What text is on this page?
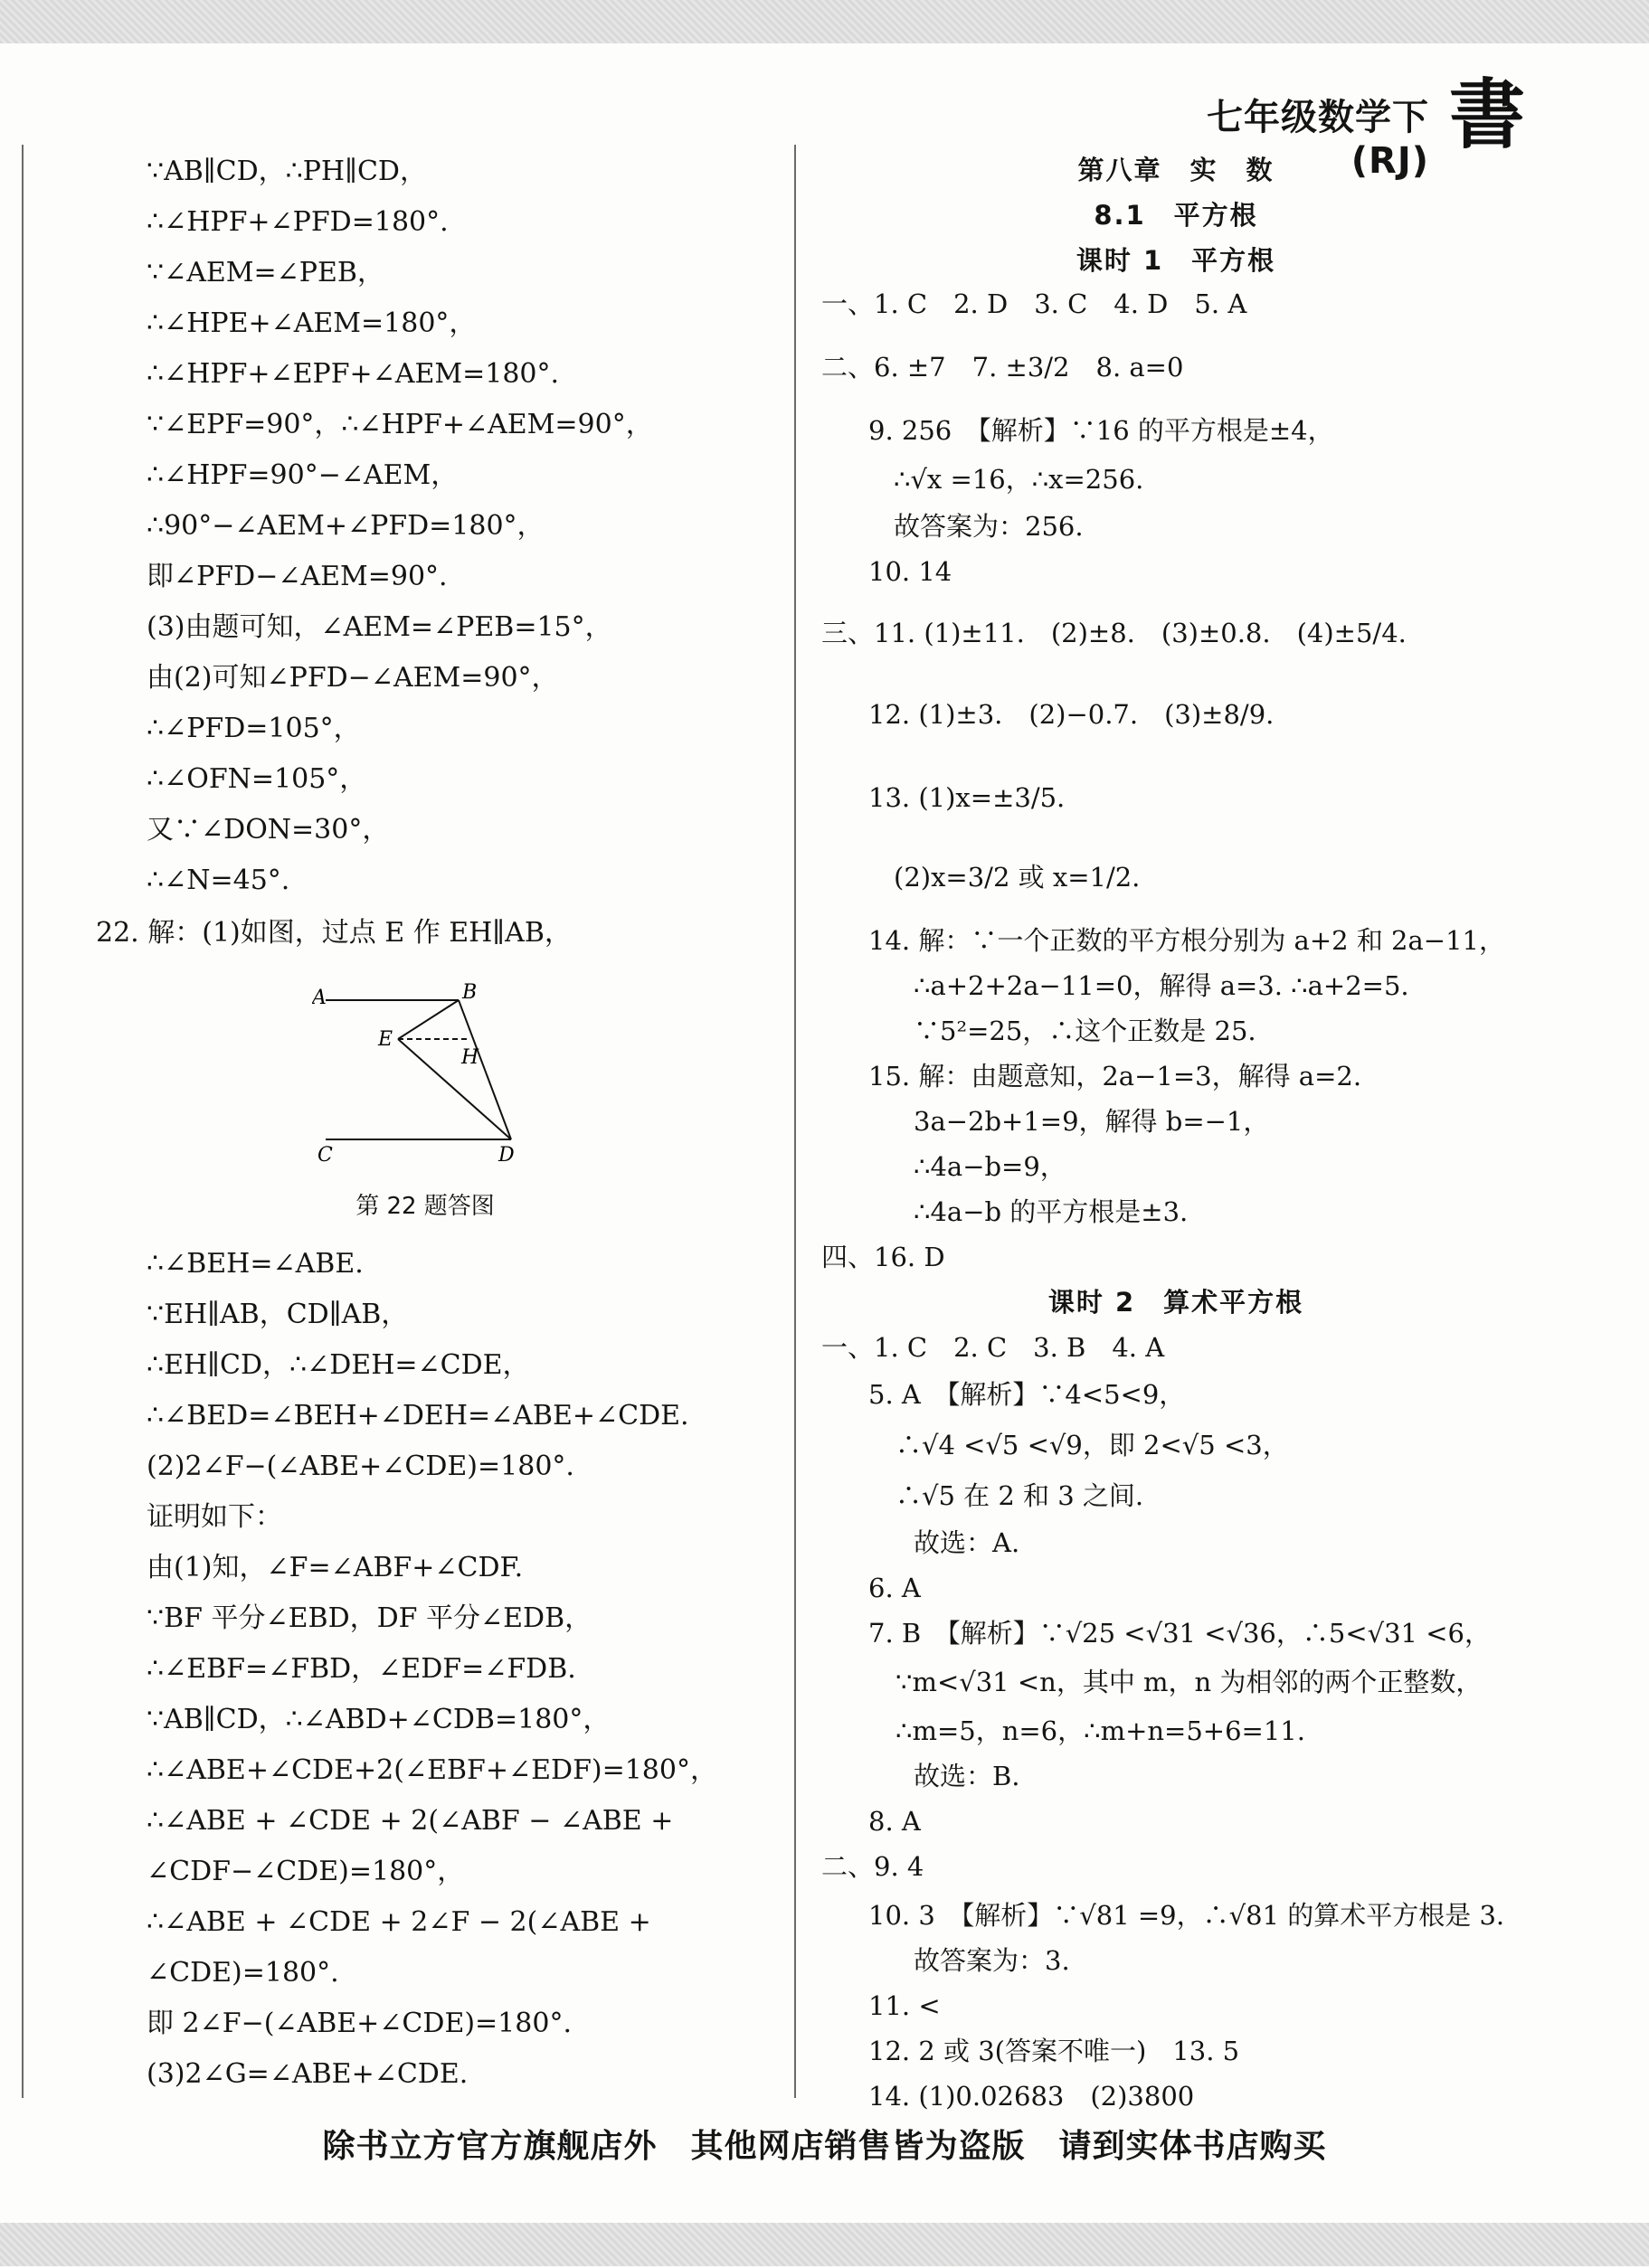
七年级数学下(RJ)
書
∵AB∥CD，∴PH∥CD，
∴∠HPF+∠PFD=180°.
∵∠AEM=∠PEB，
∴∠HPE+∠AEM=180°，
∴∠HPF+∠EPF+∠AEM=180°.
∵∠EPF=90°，∴∠HPF+∠AEM=90°，
∴∠HPF=90°−∠AEM，
∴90°−∠AEM+∠PFD=180°，
即∠PFD−∠AEM=90°.
(3)由题可知，∠AEM=∠PEB=15°，
由(2)可知∠PFD−∠AEM=90°，
∴∠PFD=105°，
∴∠OFN=105°，
又∵∠DON=30°，
∴∠N=45°.
22. 解：(1)如图，过点 E 作 EH∥AB，
A	B
E
H
C	D
第 22 题答图
∴∠BEH=∠ABE.
∵EH∥AB，CD∥AB，
∴EH∥CD，∴∠DEH=∠CDE，
∴∠BED=∠BEH+∠DEH=∠ABE+∠CDE.
(2)2∠F−(∠ABE+∠CDE)=180°.
证明如下：
由(1)知，∠F=∠ABF+∠CDF.
∵BF 平分∠EBD，DF 平分∠EDB，
∴∠EBF=∠FBD，∠EDF=∠FDB.
∵AB∥CD，∴∠ABD+∠CDB=180°，
∴∠ABE+∠CDE+2(∠EBF+∠EDF)=180°，
∴∠ABE + ∠CDE + 2(∠ABF − ∠ABE +
∠CDF−∠CDE)=180°，
∴∠ABE + ∠CDE + 2∠F − 2(∠ABE +
∠CDE)=180°.
即 2∠F−(∠ABE+∠CDE)=180°.
(3)2∠G=∠ABE+∠CDE.
第八章　实　数
8.1　平方根
课时 1　平方根
一、1. C　2. D　3. C　4. D　5. A
二、6. ±7　7. ±3/2　8. a=0
9. 256　【解析】∵16 的平方根是±4，
∴√x =16，∴x=256.
故答案为：256.
10. 14
三、11. (1)±11.　(2)±8.　(3)±0.8.　(4)±5/4.
12. (1)±3.　(2)−0.7.　(3)±8/9.
13. (1)x=±3/5.
(2)x=3/2 或 x=1/2.
14. 解：∵一个正数的平方根分别为 a+2 和 2a−11，
∴a+2+2a−11=0，解得 a=3. ∴a+2=5.
∵5²=25，∴这个正数是 25.
15. 解：由题意知，2a−1=3，解得 a=2.
3a−2b+1=9，解得 b=−1，
∴4a−b=9，
∴4a−b 的平方根是±3.
四、16. D
课时 2　算术平方根
一、1. C　2. C　3. B　4. A
5. A　【解析】∵4<5<9，
∴√4 <√5 <√9，即 2<√5 <3，
∴√5 在 2 和 3 之间.
故选：A.
6. A
7. B　【解析】∵√25 <√31 <√36，∴5<√31 <6，
∵m<√31 <n，其中 m，n 为相邻的两个正整数，
∴m=5，n=6，∴m+n=5+6=11.
故选：B.
8. A
二、9. 4
10. 3　【解析】∵√81 =9，∴√81 的算术平方根是 3.
故答案为：3.
11. <
12. 2 或 3(答案不唯一)　13. 5
14. (1)0.02683　(2)3800
除书立方官方旗舰店外　其他网店销售皆为盗版　请到实体书店购买
